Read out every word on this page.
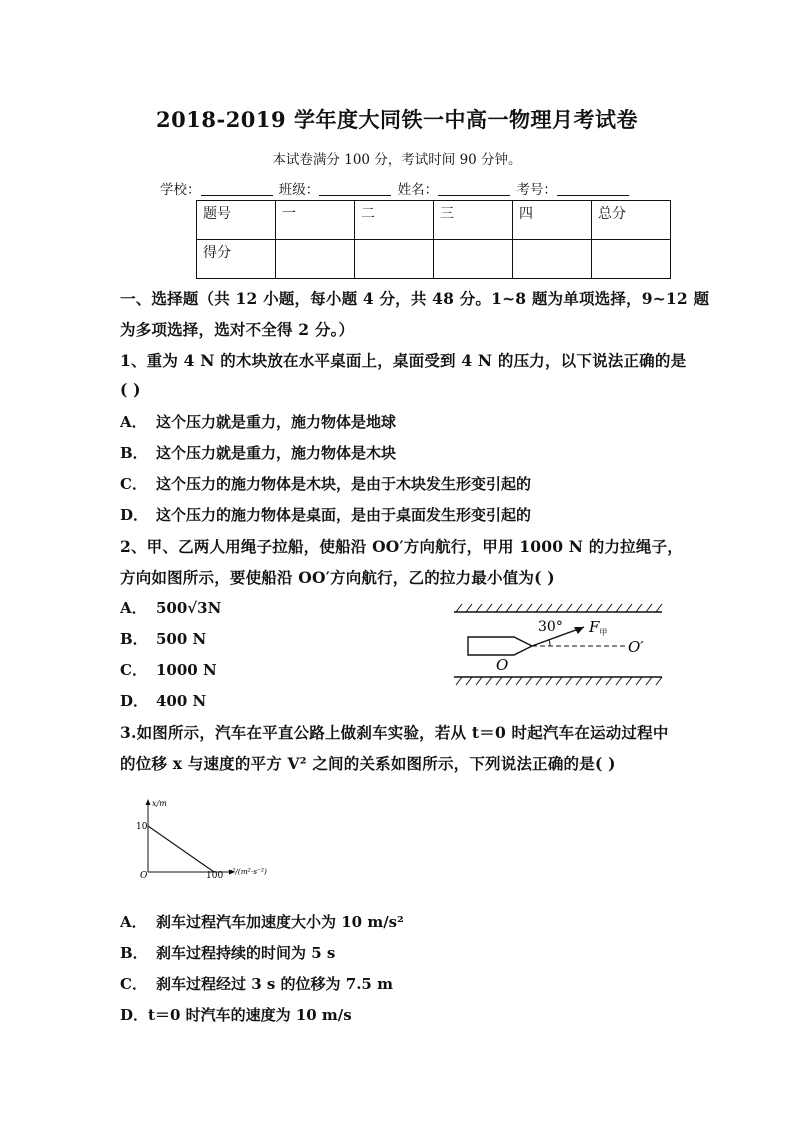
2018-2019 学年度大同铁一中高一物理月考试卷
本试卷满分 100 分，考试时间 90 分钟。
学校：	班级：	姓名：	考号：
题号	一	二	三	四	总分
得分					
一、选择题（共 12 小题，每小题 4 分，共 48 分。1~8 题为单项选择，9~12 题
为多项选择，选对不全得 2 分。）
1、重为 4 N 的木块放在水平桌面上，桌面受到 4 N 的压力，以下说法正确的是
( )
A． 这个压力就是重力，施力物体是地球
B． 这个压力就是重力，施力物体是木块
C． 这个压力的施力物体是木块，是由于木块发生形变引起的
D． 这个压力的施力物体是桌面，是由于桌面发生形变引起的
2、甲、乙两人用绳子拉船，使船沿 OO′方向航行，甲用 1000 N 的力拉绳子，
方向如图所示，要使船沿 OO′方向航行，乙的拉力最小值为( )
A． 500√3N
B． 500 N
C． 1000 N
D． 400 N
30° $F_甲$
O
O′
3.如图所示，汽车在平直公路上做刹车实验，若从 t＝0 时起汽车在运动过程中
的位移 x 与速度的平方 V² 之间的关系如图所示，下列说法正确的是( )
x/m
10
O	100 v²/(m²·s⁻²)
A． 刹车过程汽车加速度大小为 10 m/s²
B． 刹车过程持续的时间为 5 s
C． 刹车过程经过 3 s 的位移为 7.5 m
D．t＝0 时汽车的速度为 10 m/s
